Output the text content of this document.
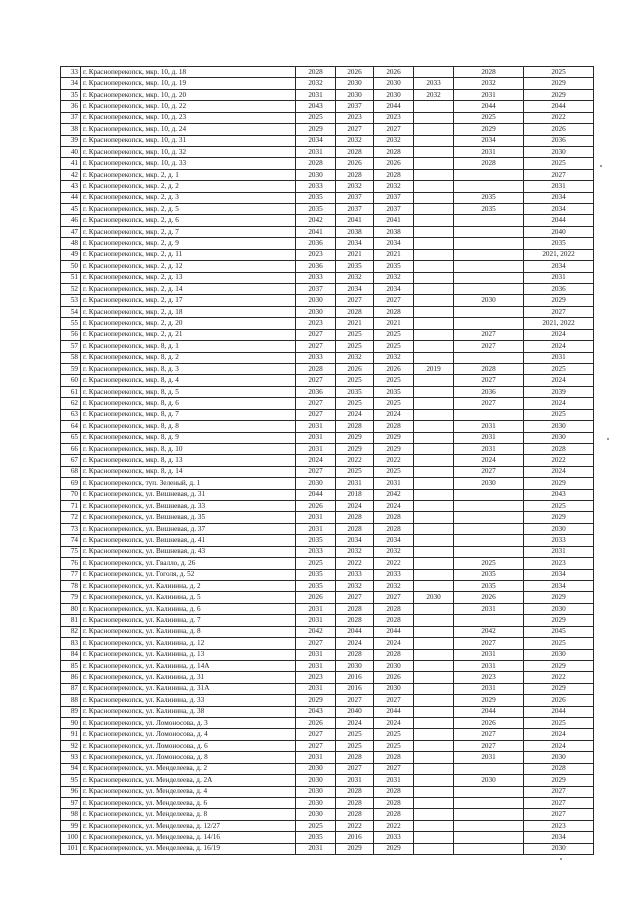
33	г. Красноперекопск, мкр. 10, д. 18	2028	2026	2026		2028	2025
34	г. Красноперекопск, мкр. 10, д. 19	2032	2030	2030	2033	2032	2029
35	г. Красноперекопск, мкр. 10, д. 20	2031	2030	2030	2032	2031	2029
36	г. Красноперекопск, мкр. 10, д. 22	2043	2037	2044		2044	2044
37	г. Красноперекопск, мкр. 10, д. 23	2025	2023	2023		2025	2022
38	г. Красноперекопск, мкр. 10, д. 24	2029	2027	2027		2029	2026
39	г. Красноперекопск, мкр. 10, д. 31	2034	2032	2032		2034	2036
40	г. Красноперекопск, мкр. 10, д. 32	2031	2028	2028		2031	2030
41	г. Красноперекопск, мкр. 10, д. 33	2028	2026	2026		2028	2025
42	г. Красноперекопск, мкр. 2, д. 1	2030	2028	2028			2027
43	г. Красноперекопск, мкр. 2, д. 2	2033	2032	2032			2031
44	г. Красноперекопск, мкр. 2, д. 3	2035	2037	2037		2035	2034
45	г. Красноперекопск, мкр. 2, д. 5	2035	2037	2037		2035	2034
46	г. Красноперекопск, мкр. 2, д. 6	2042	2041	2041			2044
47	г. Красноперекопск, мкр. 2, д. 7	2041	2038	2038			2040
48	г. Красноперекопск, мкр. 2, д. 9	2036	2034	2034			2035
49	г. Красноперекопск, мкр. 2, д. 11	2023	2021	2021			2021, 2022
50	г. Красноперекопск, мкр. 2, д. 12	2036	2035	2035			2034
51	г. Красноперекопск, мкр. 2, д. 13	2033	2032	2032			2031
52	г. Красноперекопск, мкр. 2, д. 14	2037	2034	2034			2036
53	г. Красноперекопск, мкр. 2, д. 17	2030	2027	2027		2030	2029
54	г. Красноперекопск, мкр. 2, д. 18	2030	2028	2028			2027
55	г. Красноперекопск, мкр. 2, д. 20	2023	2021	2021			2021, 2022
56	г. Красноперекопск, мкр. 2, д. 21	2027	2025	2025		2027	2024
57	г. Красноперекопск, мкр. 8, д. 1	2027	2025	2025		2027	2024
58	г. Красноперекопск, мкр. 8, д. 2	2033	2032	2032			2031
59	г. Красноперекопск, мкр. 8, д. 3	2028	2026	2026	2019	2028	2025
60	г. Красноперекопск, мкр. 8, д. 4	2027	2025	2025		2027	2024
61	г. Красноперекопск, мкр. 8, д. 5	2036	2035	2035		2036	2039
62	г. Красноперекопск, мкр. 8, д. 6	2027	2025	2025		2027	2024
63	г. Красноперекопск, мкр. 8, д. 7	2027	2024	2024			2025
64	г. Красноперекопск, мкр. 8, д. 8	2031	2028	2028		2031	2030
65	г. Красноперекопск, мкр. 8, д. 9	2031	2029	2029		2031	2030
66	г. Красноперекопск, мкр. 8, д. 10	2031	2029	2029		2031	2028
67	г. Красноперекопск, мкр. 8, д. 13	2024	2022	2022		2024	2022
68	г. Красноперекопск, мкр. 8, д. 14	2027	2025	2025		2027	2024
69	г. Красноперекопск, туп. Зеленый, д. 1	2030	2031	2031		2030	2029
70	г. Красноперекопск, ул. Вишневая, д. 31	2044	2018	2042			2043
71	г. Красноперекопск, ул. Вишневая, д. 33	2026	2024	2024			2025
72	г. Красноперекопск, ул. Вишневая, д. 35	2031	2028	2028			2029
73	г. Красноперекопск, ул. Вишневая, д. 37	2031	2028	2028			2030
74	г. Красноперекопск, ул. Вишневая, д. 41	2035	2034	2034			2033
75	г. Красноперекопск, ул. Вишневая, д. 43	2033	2032	2032			2031
76	г. Красноперекопск, ул. Гвалло, д. 26	2025	2022	2022		2025	2023
77	г. Красноперекопск, ул. Гоголя, д. 52	2035	2033	2033		2035	2034
78	г. Красноперекопск, ул. Калинина, д. 2	2035	2032	2032		2035	2034
79	г. Красноперекопск, ул. Калинина, д. 5	2026	2027	2027	2030	2026	2029
80	г. Красноперекопск, ул. Калинина, д. 6	2031	2028	2028		2031	2030
81	г. Красноперекопск, ул. Калинина, д. 7	2031	2028	2028			2029
82	г. Красноперекопск, ул. Калинина, д. 8	2042	2044	2044		2042	2045
83	г. Красноперекопск, ул. Калинина, д. 12	2027	2024	2024		2027	2025
84	г. Красноперекопск, ул. Калинина, д. 13	2031	2028	2028		2031	2030
85	г. Красноперекопск, ул. Калинина, д. 14А	2031	2030	2030		2031	2029
86	г. Красноперекопск, ул. Калинина, д. 31	2023	2016	2026		2023	2022
87	г. Красноперекопск, ул. Калинина, д. 31А	2031	2016	2030		2031	2029
88	г. Красноперекопск, ул. Калинина, д. 33	2029	2027	2027		2029	2026
89	г. Красноперекопск, ул. Калинина, д. 38	2043	2040	2044		2044	2044
90	г. Красноперекопск, ул. Ломоносова, д. 3	2026	2024	2024		2026	2025
91	г. Красноперекопск, ул. Ломоносова, д. 4	2027	2025	2025		2027	2024
92	г. Красноперекопск, ул. Ломоносова, д. 6	2027	2025	2025		2027	2024
93	г. Красноперекопск, ул. Ломоносова, д. 8	2031	2028	2028		2031	2030
94	г. Красноперекопск, ул. Менделеева, д. 2	2030	2027	2027			2028
95	г. Красноперекопск, ул. Менделеева, д. 2А	2030	2031	2031		2030	2029
96	г. Красноперекопск, ул. Менделеева, д. 4	2030	2028	2028			2027
97	г. Красноперекопск, ул. Менделеева, д. 6	2030	2028	2028			2027
98	г. Красноперекопск, ул. Менделеева, д. 8	2030	2028	2028			2027
99	г. Красноперекопск, ул. Менделеева, д. 12/27	2025	2022	2022			2023
100	г. Красноперекопск, ул. Менделеева, д. 14/16	2035	2016	2033			2034
101	г. Красноперекопск, ул. Менделеева, д. 16/19	2031	2029	2029			2030
